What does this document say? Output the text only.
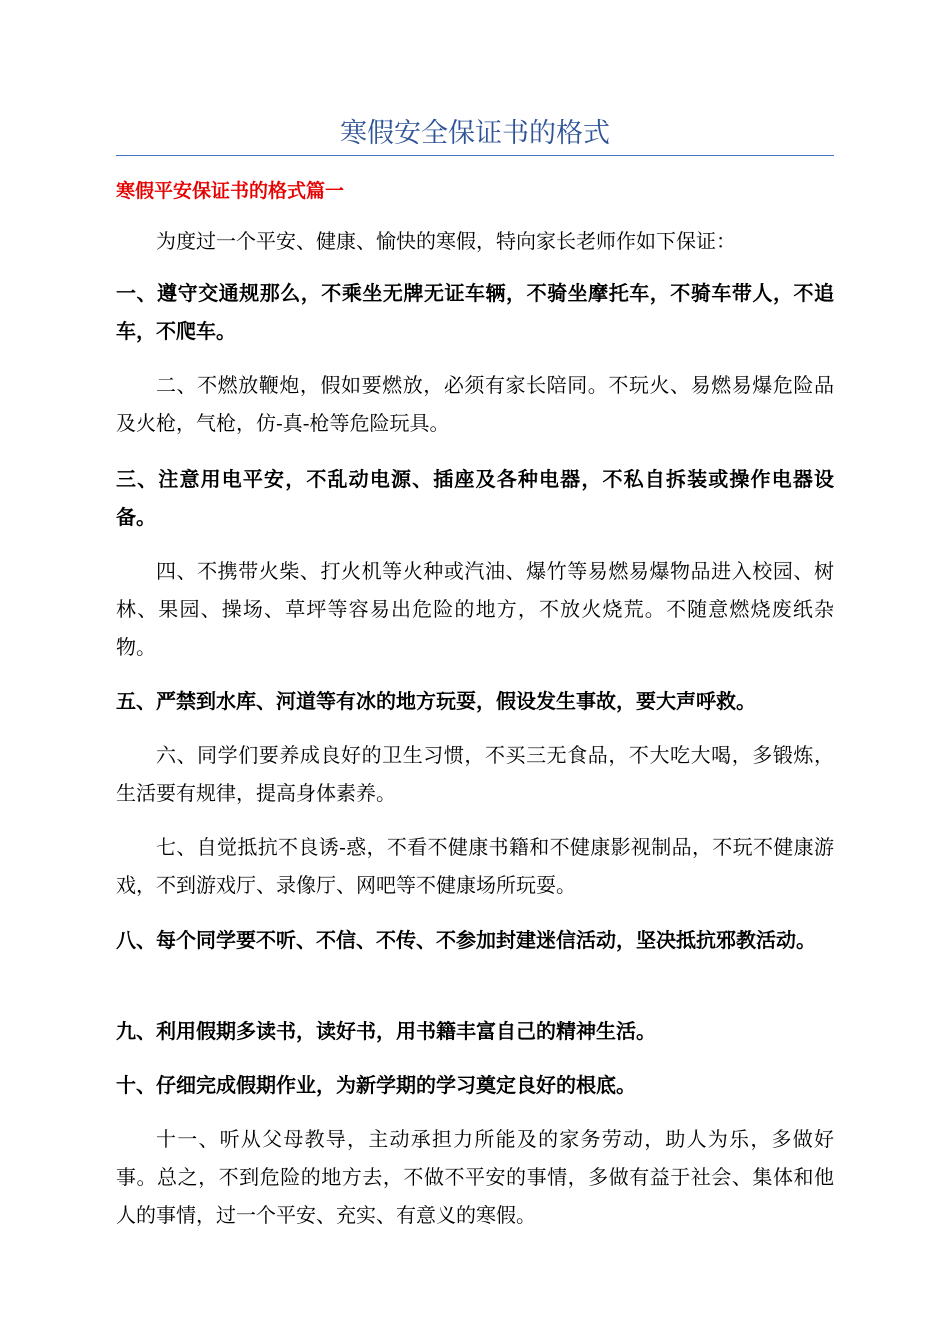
寒假安全保证书的格式
寒假平安保证书的格式篇一

为度过一个平安、健康、愉快的寒假，特向家长老师作如下保证：

一、遵守交通规那么，不乘坐无牌无证车辆，不骑坐摩托车，不骑车带人，不追车，不爬车。

二、不燃放鞭炮，假如要燃放，必须有家长陪同。不玩火、易燃易爆危险品及火枪，气枪，仿-真-枪等危险玩具。

三、注意用电平安，不乱动电源、插座及各种电器，不私自拆装或操作电器设备。

四、不携带火柴、打火机等火种或汽油、爆竹等易燃易爆物品进入校园、树林、果园、操场、草坪等容易出危险的地方，不放火烧荒。不随意燃烧废纸杂物。

五、严禁到水库、河道等有冰的地方玩耍，假设发生事故，要大声呼救。

六、同学们要养成良好的卫生习惯，不买三无食品，不大吃大喝，多锻炼，生活要有规律，提高身体素养。

七、自觉抵抗不良诱-惑，不看不健康书籍和不健康影视制品，不玩不健康游戏，不到游戏厅、录像厅、网吧等不健康场所玩耍。

八、每个同学要不听、不信、不传、不参加封建迷信活动，坚决抵抗邪教活动。

九、利用假期多读书，读好书，用书籍丰富自己的精神生活。

十、仔细完成假期作业，为新学期的学习奠定良好的根底。

十一、听从父母教导，主动承担力所能及的家务劳动，助人为乐，多做好事。总之，不到危险的地方去，不做不平安的事情，多做有益于社会、集体和他人的事情，过一个平安、充实、有意义的寒假。
